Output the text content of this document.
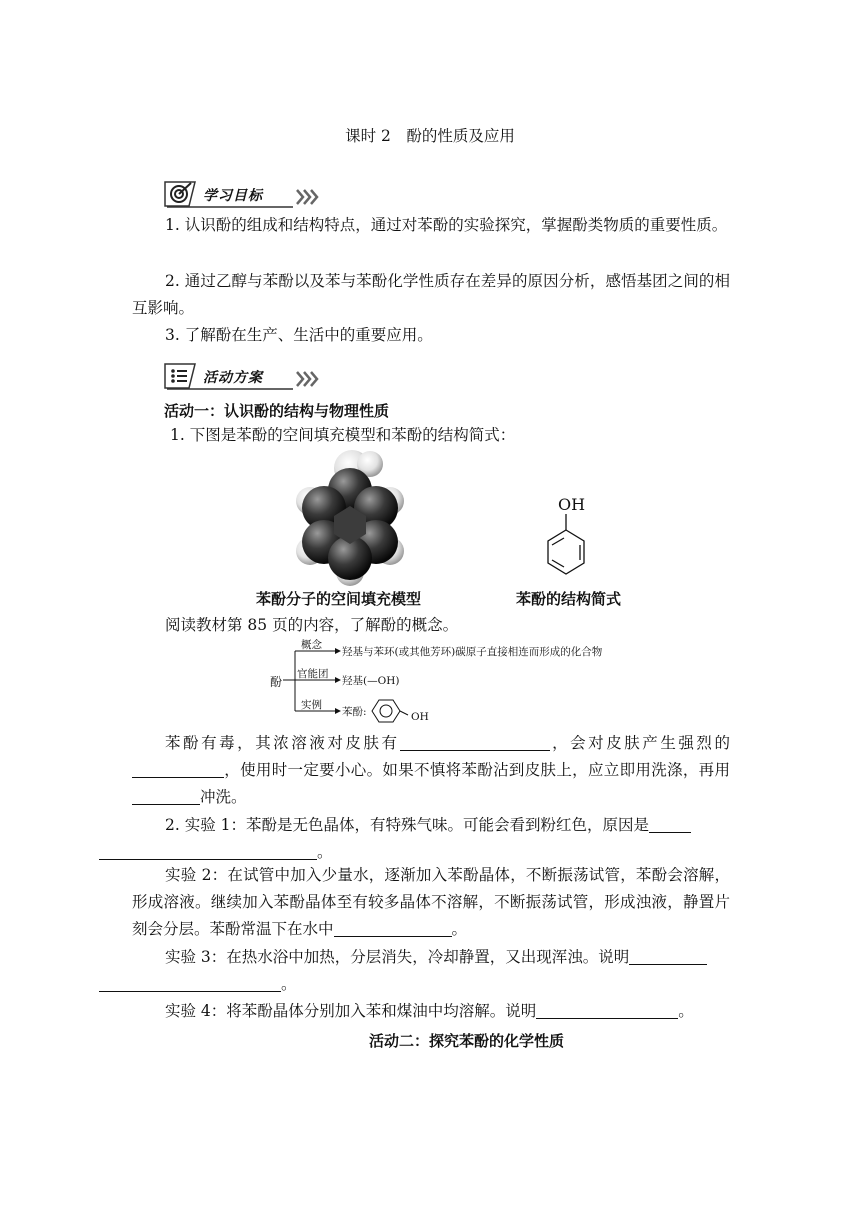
课时 2　酚的性质及应用
学习目标
1. 认识酚的组成和结构特点，通过对苯酚的实验探究，掌握酚类物质的重要性质。
2. 通过乙醇与苯酚以及苯与苯酚化学性质存在差异的原因分析，感悟基团之间的相互影响。
3. 了解酚在生产、生活中的重要应用。
活动方案
活动一：认识酚的结构与物理性质
1. 下图是苯酚的空间填充模型和苯酚的结构简式：
OH
苯酚分子的空间填充模型	苯酚的结构简式
阅读教材第 85 页的内容，了解酚的概念。
酚
概念
羟基与苯环(或其他芳环)碳原子直接相连而形成的化合物
官能团
羟基(—OH)
实例
苯酚:	OH
苯酚有毒，其浓溶液对皮肤有	，会对皮肤产生强烈的，使用时一定要小心。如果不慎将苯酚沾到皮肤上，应立即用洗涤，再用冲洗。
2. 实验 1：苯酚是无色晶体，有特殊气味。可能会看到粉红色，原因是
。
实验 2：在试管中加入少量水，逐渐加入苯酚晶体，不断振荡试管，苯酚会溶解，形成溶液。继续加入苯酚晶体至有较多晶体不溶解，不断振荡试管，形成浊液，静置片刻会分层。苯酚常温下在水中	。
实验 3：在热水浴中加热，分层消失，冷却静置，又出现浑浊。说明
。
实验 4：将苯酚晶体分别加入苯和煤油中均溶解。说明	。
活动二：探究苯酚的化学性质
